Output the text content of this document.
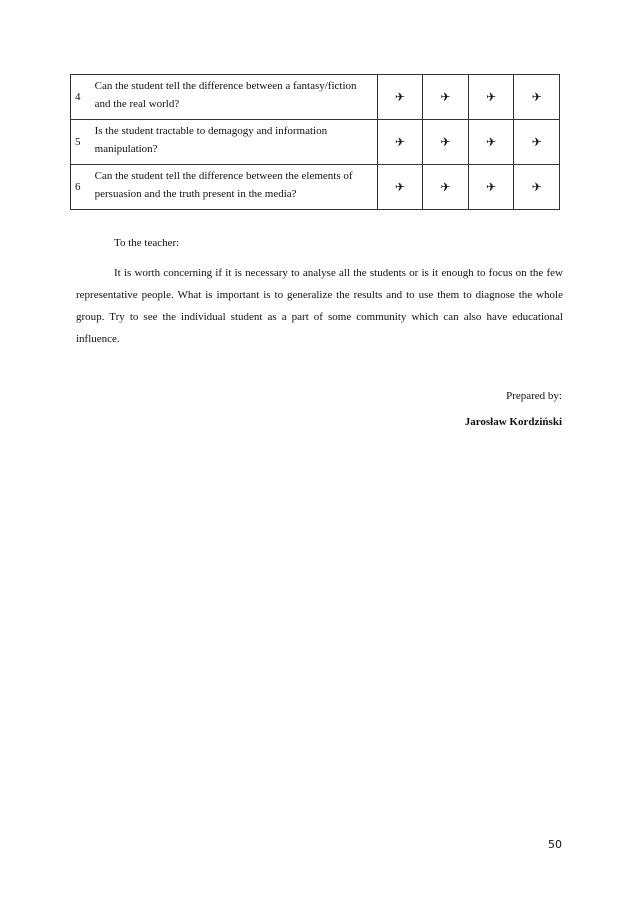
4	Can the student tell the difference between a fantasy/fiction and the real world?	✈	✈	✈	✈
5	Is the student tractable to demagogy and information manipulation?	✈	✈	✈	✈
6	Can the student tell the difference between the elements of persuasion and the truth present in the media?	✈	✈	✈	✈
To the teacher:
It is worth concerning if it is necessary to analyse all the students or is it enough to focus on the few representative people. What is important is to generalize the results and to use them to diagnose the whole group. Try to see the individual student as a part of some community which can also have educational influence.
Prepared by:
Jarosław Kordziński
50
